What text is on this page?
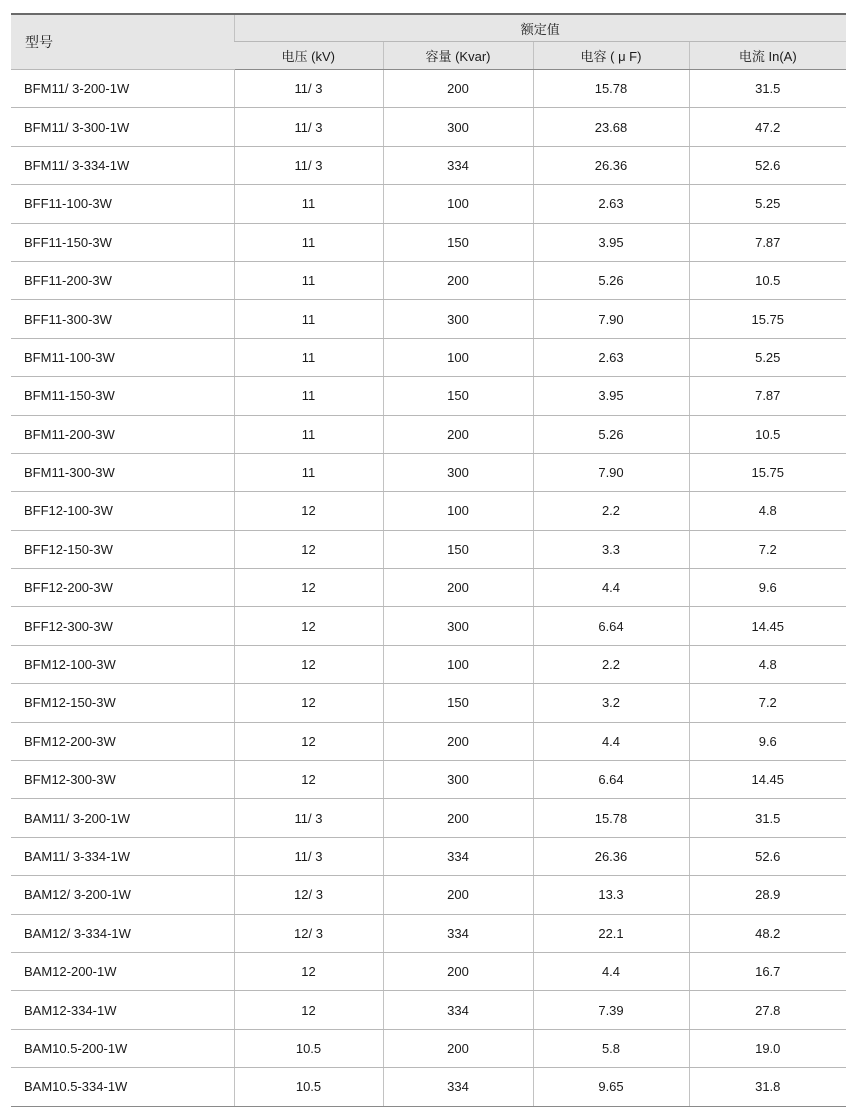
型号	额定值			
	电压 (kV)	容量 (Kvar)	电容 ( μ F)	电流 In(A)
BFM11/ 3-200-1W	11/ 3	200	15.78	31.5
BFM11/ 3-300-1W	11/ 3	300	23.68	47.2
BFM11/ 3-334-1W	11/ 3	334	26.36	52.6
BFF11-100-3W	11	100	2.63	5.25
BFF11-150-3W	11	150	3.95	7.87
BFF11-200-3W	11	200	5.26	10.5
BFF11-300-3W	11	300	7.90	15.75
BFM11-100-3W	11	100	2.63	5.25
BFM11-150-3W	11	150	3.95	7.87
BFM11-200-3W	11	200	5.26	10.5
BFM11-300-3W	11	300	7.90	15.75
BFF12-100-3W	12	100	2.2	4.8
BFF12-150-3W	12	150	3.3	7.2
BFF12-200-3W	12	200	4.4	9.6
BFF12-300-3W	12	300	6.64	14.45
BFM12-100-3W	12	100	2.2	4.8
BFM12-150-3W	12	150	3.2	7.2
BFM12-200-3W	12	200	4.4	9.6
BFM12-300-3W	12	300	6.64	14.45
BAM11/ 3-200-1W	11/ 3	200	15.78	31.5
BAM11/ 3-334-1W	11/ 3	334	26.36	52.6
BAM12/ 3-200-1W	12/ 3	200	13.3	28.9
BAM12/ 3-334-1W	12/ 3	334	22.1	48.2
BAM12-200-1W	12	200	4.4	16.7
BAM12-334-1W	12	334	7.39	27.8
BAM10.5-200-1W	10.5	200	5.8	19.0
BAM10.5-334-1W	10.5	334	9.65	31.8
